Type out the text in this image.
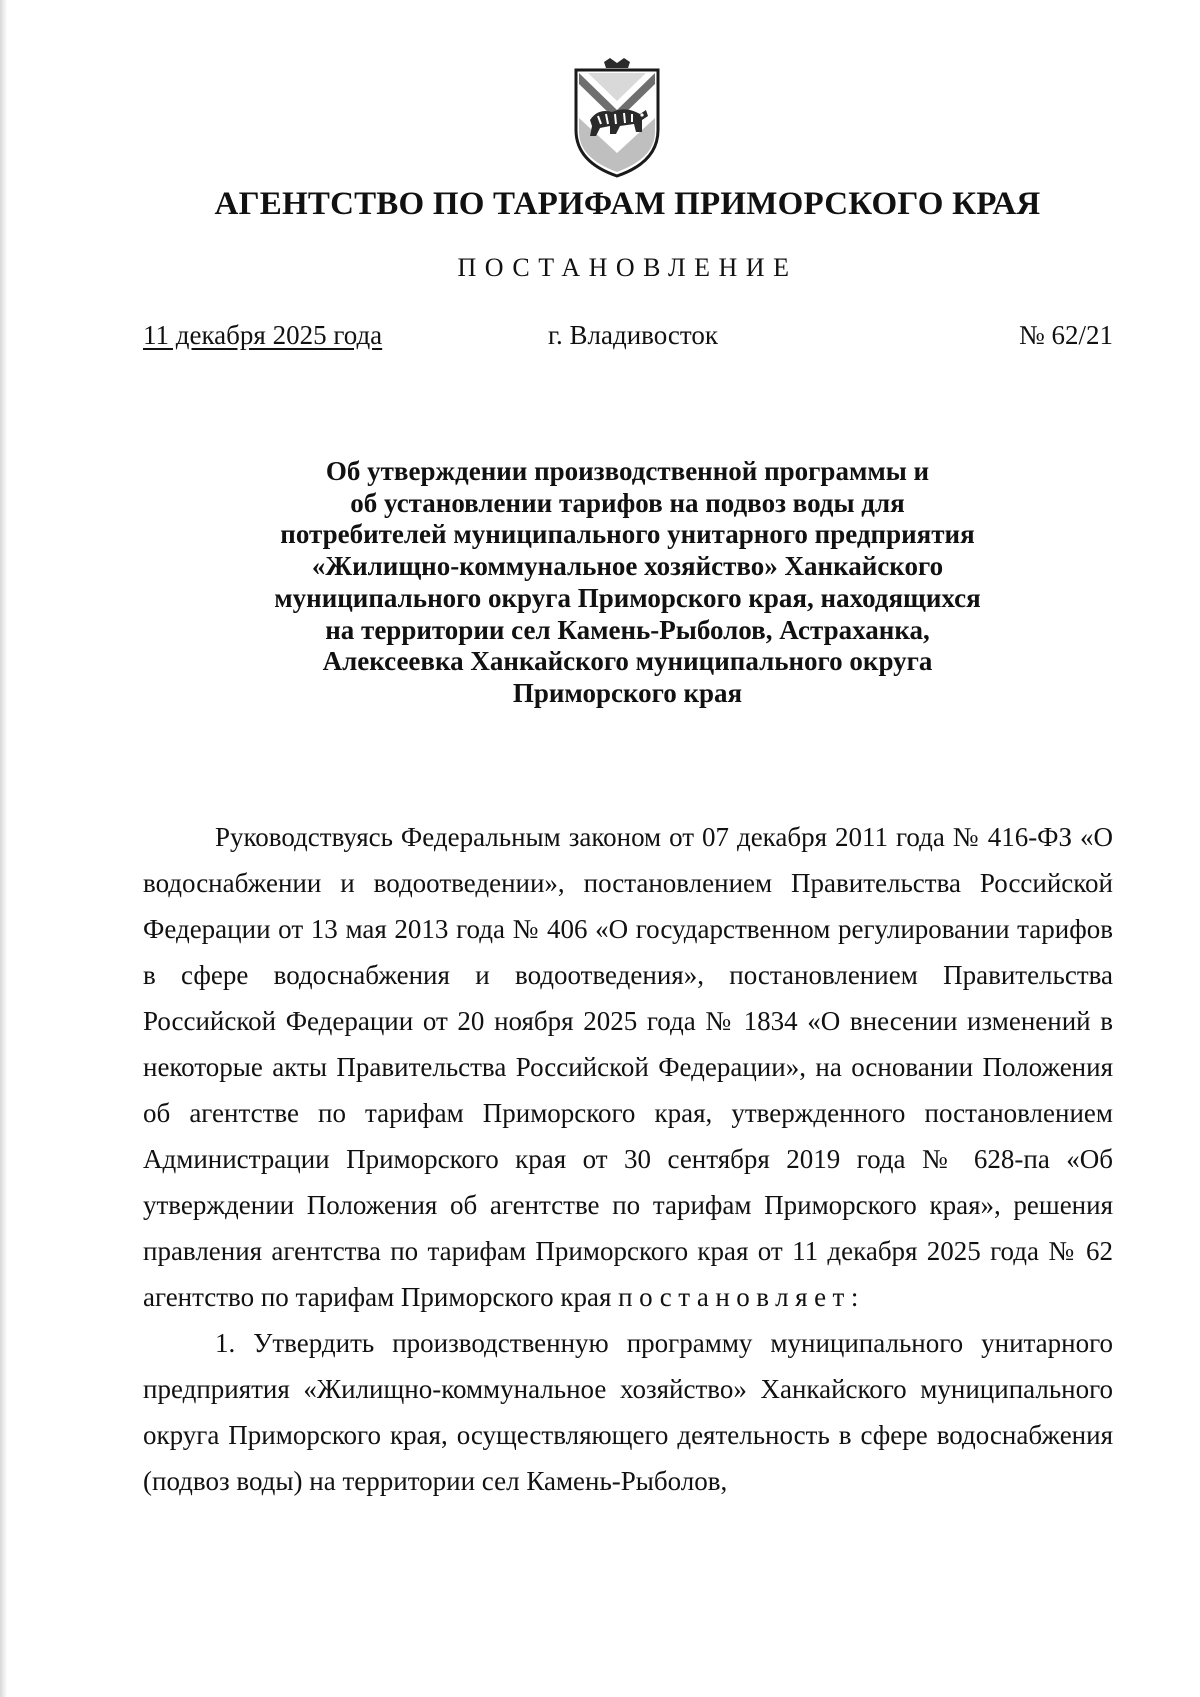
АГЕНТСТВО ПО ТАРИФАМ ПРИМОРСКОГО КРАЯ
ПОСТАНОВЛЕНИЕ
11 декабря 2025 года	г. Владивосток	№ 62/21
Об утверждении производственной программы и
об установлении тарифов на подвоз воды для
потребителей муниципального унитарного предприятия
«Жилищно-коммунальное хозяйство» Ханкайского
муниципального округа Приморского края, находящихся
на территории сел Камень-Рыболов, Астраханка,
Алексеевка Ханкайского муниципального округа
Приморского края

Руководствуясь Федеральным законом от 07 декабря 2011 года № 416-ФЗ «О водоснабжении и водоотведении», постановлением Правительства Российской Федерации от 13 мая 2013 года № 406 «О государственном регулировании тарифов в сфере водоснабжения и водоотведения», постановлением Правительства Российской Федерации от 20 ноября 2025 года № 1834 «О внесении изменений в некоторые акты Правительства Российской Федерации», на основании Положения об агентстве по тарифам Приморского края, утвержденного постановлением Администрации Приморского края от 30 сентября 2019 года № 628-па «Об утверждении Положения об агентстве по тарифам Приморского края», решения правления агентства по тарифам Приморского края от 11 декабря 2025 года № 62 агентство по тарифам Приморского края постановляет:

1. Утвердить производственную программу муниципального унитарного предприятия «Жилищно-коммунальное хозяйство» Ханкайского муниципального округа Приморского края, осуществляющего деятельность в сфере водоснабжения (подвоз воды) на территории сел Камень-Рыболов,
